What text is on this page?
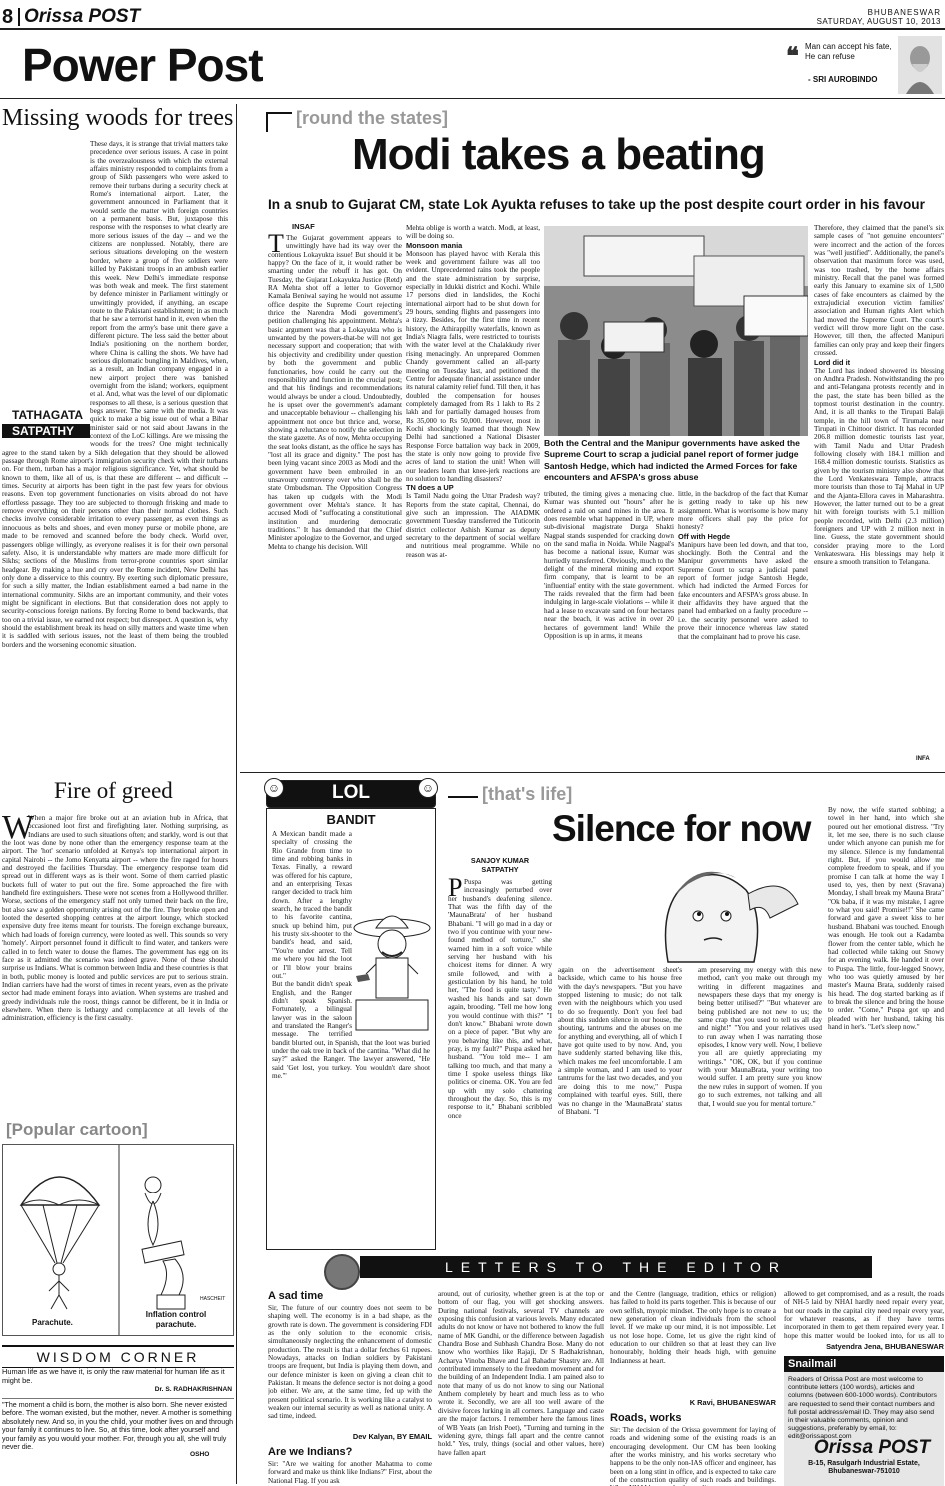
8 Orissa POST	BHUBANESWAR
SATURDAY, AUGUST 10, 2013
Power Post	❝ Man can accept his fate, He can refuse
- SRI AUROBINDO
Missing woods for trees
TATHAGATA
SATPATHY
These days, it is strange that trivial matters take precedence over serious issues. A case in point is the overzealousness with which the external affairs ministry responded to complaints from a group of Sikh passengers who were asked to remove their turbans during a security check at Rome's international airport. Later, the government announced in Parliament that it would settle the matter with foreign countries on a permanent basis. But, juxtapose this response with the responses to what clearly are more serious issues of the day -- and we the citizens are nonplussed. Notably, there are serious situations developing on the western border, where a group of five soldiers were killed by Pakistani troops in an ambush earlier this week. New Delhi's immediate response was both weak and meek. The first statement by defence minister in Parliament wittingly or unwittingly provided, if anything, an escape route to the Pakistani establishment; in as much that he saw a terrorist hand in it, even when the report from the army's base unit there gave a different picture. The less said the better about India's positioning on the northern border, where China is calling the shots. We have had serious diplomatic bungling in Maldives, when, as a result, an Indian company engaged in a new airport project there was banished overnight from the island; workers, equipment et al. And, what was the level of our diplomatic responses to all these, is a serious question that begs answer. The same with the media. It was quick to make a big issue out of what a Bihar minister said or not said about Jawans in the context of the LoC killings. Are we missing the woods for the trees? One might technically agree to the stand taken by a Sikh delegation that they should be allowed passage through Rome airport's immigration security check with their turbans on. For them, turban has a major religious significance. Yet, what should be known to them, like all of us, is that these are different -- and difficult -- times. Security at airports has been tight in the past few years for obvious reasons. Even top government functionaries on visits abroad do not have effortless passage. They too are subjected to thorough frisking and made to remove everything on their persons other than their normal clothes. Such checks involve considerable irritation to every passenger, as even things as innocuous as belts and shoes, and even money purse or mobile phone, are made to be removed and scanned before the body check. World over, passengers oblige willingly, as everyone realises it is for their own personal safety. Also, it is understandable why matters are made more difficult for Sikhs; sections of the Muslims from terror-prone countries sport similar headgear. By making a hue and cry over the Rome incident, New Delhi has only done a disservice to this country. By exerting such diplomatic pressure, for such a silly matter, the Indian establishment earned a bad name in the international community. Sikhs are an important community, and their votes might be significant in elections. But that consideration does not apply to security-conscious foreign nations. By forcing Rome to bend backwards, that too on a trivial issue, we earned not respect; but disrespect. A question is, why should the establishment break its head on silly matters and waste time when it is saddled with serious issues, not the least of them being the troubled borders and the worsening economic situation.
Fire of greed
W
When a major fire broke out at an aviation hub in Africa, that occasioned loot first and firefighting later. Nothing surprising, as Indians are used to such situations often; and starkly, word is out that the loot was done by none other than the emergency response team at the airport. The 'hot' scenario unfolded at Kenya's top international airport in capital Nairobi -- the Jomo Kenyatta airport -- where the fire raged for hours and destroyed the facilities Thursday. The emergency response team did spread out in different ways as is their wont. Some of them carried plastic buckets full of water to put out the fire. Some approached the fire with handheld fire extinguishers. These were not scenes from a Hollywood thriller. Worse, sections of the emergency staff not only turned their back on the fire, but also saw a golden opportunity arising out of the fire. They broke open and looted the deserted shopping centres at the airport lounge, which stocked expensive duty free items meant for tourists. The foreign exchange bureaux, which had loads of foreign currency, were looted as well. This sounds so very 'homely'. Airport personnel found it difficult to find water, and tankers were called in to fetch water to douse the flames. The government has egg on its face as it admitted the scenario was indeed grave. None of these should surprise us Indians. What is common between India and these countries is that in both, public money is looted and public services are put to serious strain. Indian carriers have had the worst of times in recent years, even as the private sector had made eminent forays into aviation. When systems are trashed and greedy individuals rule the roost, things cannot be different, be it in India or elsewhere. When there is lethargy and complacence at all levels of the administration, efficiency is the first casualty.
[Popular cartoon]
Parachute.
Inflation control parachute.
HASCHEIT
WISDOM CORNER
Human life as we have it, is only the raw material for human life as it might be.
Dr. S. RADHAKRISHNAN
"The moment a child is born, the mother is also born. She never existed before. The woman existed, but the mother, never. A mother is something absolutely new. And so, in you the child, your mother lives on and through your family it continues to live. So, at this time, look after yourself and your family as you would your mother. For, through you all, she will truly never die.
OSHO
[round the states]
Modi takes a beating
In a snub to Gujarat CM, state Lok Ayukta refuses to take up the post despite court order in his favour
INSAF
T The Gujarat government appears to unwittingly have had its way over the contentious Lokayukta issue! But should it be happy? On the face of it, it would rather be smarting under the rebuff it has got. On Tuesday, the Gujarat Lokayukta Justice (Retd) RA Mehta shot off a letter to Governor Kamala Beniwal saying he would not assume office despite the Supreme Court rejecting thrice the Narendra Modi government's petition challenging his appointment. Mehta's basic argument was that a Lokayukta who is unwanted by the powers-that-be will not get necessary support and cooperation; that with his objectivity and credibility under question by both the government and public functionaries, how could he carry out the responsibility and function in the crucial post; and that his findings and recommendations would always be under a cloud. Undoubtedly, he is upset over the government's adamant and unacceptable behaviour -- challenging his appointment not once but thrice and, worse, showing a reluctance to notify the selection in the state gazette. As of now, Mehta occupying the seat looks distant, as the office he says has "lost all its grace and dignity." The post has been lying vacant since 2003 as Modi and the government have been embroiled in an unsavoury controversy over who shall be the state Ombudsman. The Opposition Congress has taken up cudgels with the Modi government over Mehta's stance. It has accused Modi of "suffocating a constitutional institution and murdering democratic traditions." It has demanded that the Chief Minister apologize to the Governor, and urged Mehta to change his decision. Will
Mehta oblige is worth a watch. Modi, at least, will be doing so.
Monsoon mania
Monsoon has played havoc with Kerala this week and government failure was all too evident. Unprecedented rains took the people and the state administration by surprise, especially in Idukki district and Kochi. While 17 persons died in landslides, the Kochi international airport had to be shut down for 29 hours, sending flights and passengers into a tizzy. Besides, for the first time in recent history, the Athirappilly waterfalls, known as India's Niagra falls, were restricted to tourists with the water level at the Chalakkudy river rising menacingly. An unprepared Oommen Chandy government called an all-party meeting on Tuesday last, and petitioned the Centre for adequate financial assistance under its natural calamity relief fund. Till then, it has doubled the compensation for houses completely damaged from Rs 1 lakh to Rs 2 lakh and for partially damaged houses from Rs 35,000 to Rs 50,000. However, most in Kochi shockingly learned that though New Delhi had sanctioned a National Disaster Response Force battalion way back in 2009, the state is only now going to provide five acres of land to station the unit! When will our leaders learn that knee-jerk reactions are no solution to handling disasters?
TN does a UP
Is Tamil Nadu going the Uttar Pradesh way? Reports from the state capital, Chennai, do give such an impression. The AIADMK government Tuesday transferred the Tuticorin district collector Ashish Kumar as deputy secretary to the department of social welfare and nutritious meal programme. While no reason was at-
Both the Central and the Manipur governments have asked the Supreme Court to scrap a judicial panel report of former judge Santosh Hedge, which had indicted the Armed Forces for fake encounters and AFSPA's gross abuse
tributed, the timing gives a menacing clue. Kumar was shunted out "hours" after he ordered a raid on sand mines in the area. It does resemble what happened in UP, where sub-divisional magistrate Durga Shakti Nagpal stands suspended for cracking down on the sand mafia in Noida. While Nagpal's has become a national issue, Kumar was hurriedly transferred. Obviously, much to the delight of the mineral mining and export firm company, that is learnt to be an 'influential' entity with the state government. The raids revealed that the firm had been indulging in large-scale violations -- while it had a lease to excavate sand on four hectares near the beach, it was active in over 20 hectares of government land! While the Opposition is up in arms, it means
little, in the backdrop of the fact that Kumar is getting ready to take up his new assignment. What is worrisome is how many more officers shall pay the price for honesty?
Off with Hegde
Manipurs have been led down, and that too, shockingly. Both the Central and the Manipur governments have asked the Supreme Court to scrap a judicial panel report of former judge Santosh Hegde, which had indicted the Armed Forces for fake encounters and AFSPA's gross abuse. In their affidavits they have argued that the panel had embarked on a faulty procedure -- i.e. the security personnel were asked to prove their innocence whereas law stated that the complainant had to prove his case.
Therefore, they claimed that the panel's six sample cases of "not genuine encounters" were incorrect and the action of the forces was "well justified". Additionally, the panel's observation that maximum force was used, was too trashed, by the home affairs ministry. Recall that the panel was formed early this January to examine six of 1,500 cases of fake encounters as claimed by the extrajudicial execution victim families' association and Human rights Alert which had moved the Supreme Court. The court's verdict will throw more light on the case. However, till then, the affected Manipuri families can only pray and keep their fingers crossed.
Lord did it
The Lord has indeed showered its blessing on Andhra Pradesh. Notwithstanding the pro and anti-Telangana protests recently and in the past, the state has been billed as the topmost tourist destination in the country. And, it is all thanks to the Tirupati Balaji temple, in the hill town of Tirumala near Tirupati in Chittoor district. It has recorded 206.8 million domestic tourists last year, with Tamil Nadu and Uttar Pradesh following closely with 184.1 million and 168.4 million domestic tourists. Statistics as given by the tourism ministry also show that the Lord Venkateswara Temple, attracts more tourists than those to Taj Mahal in UP and the Ajanta-Ellora caves in Maharashtra. However, the latter turned out to be a great hit with foreign tourists with 5.1 million people recorded, with Delhi (2.3 million) foreigners and UP with 2 million next in line. Guess, the state government should consider praying more to the Lord Venkateswara. His blessings may help it ensure a smooth transition to Telangana.
INFA
☺	☺
LOL
BANDIT
A Mexican bandit made a specialty of crossing the Rio Grande from time to time and robbing banks in Texas. Finally, a reward was offered for his capture, and an enterprising Texas ranger decided to track him down. After a lengthy search, he traced the bandit to his favorite cantina, snuck up behind him, put his trusty six-shooter to the bandit's head, and said, "You're under arrest. Tell me where you hid the loot or I'll blow your brains out."
But the bandit didn't speak English, and the Ranger didn't speak Spanish. Fortunately, a bilingual lawyer was in the saloon and translated the Ranger's message. The terrified bandit blurted out, in Spanish, that the loot was buried under the oak tree in back of the cantina. "What did he say?" asked the Ranger. The lawyer answered, "He said 'Get lost, you turkey. You wouldn't dare shoot me.'"
[that's life]
Silence for now
SANJOY KUMAR
SATPATHY
P Puspa was getting increasingly perturbed over her husband's deafening silence. That was the fifth day of the 'MaunaBrata' of her husband Bhabani. "I will go mad in a day or two if you continue with your new-found method of torture," she warned him in a soft voice while serving her husband with his choicest items for dinner. A wry smile followed, and with a gesticulation by his hand, he told her, "The food is quite tasty." He washed his hands and sat down again, brooding. "Tell me how long you would continue with this?" "I don't know." Bhabani wrote down on a piece of paper. "But why are you behaving like this, and what, pray, is my fault?" Puspa asked her husband. "You told me-- I am talking too much, and that many a time I spoke useless things like politics or cinema. OK. You are fed up with my solo chattering throughout the day. So, this is my response to it," Bhabani scribbled once
again on the advertisement sheet's backside, which came to his house free with the day's newspapers. "But you have stopped listening to music; do not talk even with the neighbours which you used to do so frequently. Don't you feel bad about this sudden silence in our house, the shouting, tantrums and the abuses on me for anything and everything, all of which I have got quite used to by now. And, you have suddenly started behaving like this, which makes me feel uncomfortable. I am a simple woman, and I am used to your tantrums for the last two decades, and you are doing this to me now," Puspa complained with tearful eyes. Still, there was no change in the 'MaunaBrata' status of Bhabani. "I
am preserving my energy with this new method, can't you make out through my writing in different magazines and newspapers these days that my energy is being better utilised?" "But whatever are being published are not new to us; the same crap that you used to tell us all day and night!" "You and your relatives used to run away when I was narrating those episodes, I know very well. Now, I believe you all are quietly appreciating my writings." "OK, OK, but if you continue with your MaunaBrata, your writing too would suffer. I am pretty sure you know the new rules in support of women. If you go to such extremes, not talking and all that, I would sue you for mental torture."
By now, the wife started sobbing; a towel in her hand, into which she poured out her emotional distress. "Try it, let me see, there is no such clause under which anyone can punish me for my silence. Silence is my fundamental right. But, if you would allow me complete freedom to speak, and if you promise I can talk at home the way I used to, yes, then by next (Sravana) Monday, I shall break my Mauna Brata" "Ok baba, if it was my mistake, I agree to what you said! Promise!!" She came forward and gave a sweet kiss to her husband. Bhabani was touched. Enough was enough. He took out a Kadamba flower from the center table, which he had collected while taking out Snowy for an evening walk. He handed it over to Puspa. The little, four-legged Snowy, who too was quietly amused by her master's Mauna Brata, suddenly raised his head. The dog started barking as if to break the silence and bring the house to order. "Come," Puspa got up and pleaded with her husband, taking his hand in her's. "Let's sleep now."
LETTERS TO THE EDITOR
A sad time
Sir, The future of our country does not seem to be shaping well. The economy is in a bad shape, as the growth rate is down. The government is considering FDI as the only solution to the economic crisis, simultaneously neglecting the enhancement of domestic production. The result is that a dollar fetches 61 rupees. Nowadays, attacks on Indian soldiers by Pakistani troops are frequent, but India is playing them down, and our defence minister is keen on giving a clean chit to Pakistan. It means the defence sector is not doing a good job either. We are, at the same time, fed up with the present political scenario. It is working like a catalyst to weaken our internal security as well as national unity. A sad time, indeed.
Dev Kalyan, BY EMAIL
Are we Indians?
Sir: "Are we waiting for another Mahatma to come forward and make us think like Indians?" First, about the National Flag. If you ask
around, out of curiosity, whether green is at the top or bottom of our flag, you will get shocking answers. During national festivals, several TV channels are exposing this confusion at various levels. Many educated adults do not know or have not bothered to know the full name of MK Gandhi, or the difference between Jagadish Chandra Bose and Subhash Chandra Bose. Many do not know who worthies like Rajaji, Dr S Radhakrishnan, Acharya Vinoba Bhave and Lal Bahadur Shastry are. All contributed immensely to the freedom movement and for the building of an Independent India. I am pained also to note that many of us do not know to sing our National Anthem completely by heart and much less as to who wrote it. Secondly, we are all too well aware of the divisive forces lurking in all corners. Language and caste are the major factors. I remember here the famous lines of WB Yeats (an Irish Poet), "Turning and turning in the widening gyre, things fall apart and the centre cannot hold." Yes, truly, things (social and other values, here) have fallen apart
and the Centre (language, tradition, ethics or religion) has failed to hold its parts together. This is because of our own selfish, myopic mindset. The only hope is to create a new generation of clean individuals from the school level. If we make up our mind, it is not impossible. Let us not lose hope. Come, let us give the right kind of education to our children so that at least they can live honourably, holding their heads high, with genuine Indianness at heart.
K Ravi, BHUBANESWAR
Roads, works
Sir: The decision of the Orissa government for laying of roads and widening some of the existing roads is an encouraging development. Our CM has been looking after the works ministry, and his works secretary who happens to be the only non-IAS officer and engineer, has been on a long stint in office, and is expected to take care of the construction quality of such roads and buildings.
allowed to get compromised, and as a result, the roads of NH-5 laid by NHAI hardly need repair every year, but our roads in the capital city need repair every year, for whatever reasons, as if they have terms incorporated in them to get them repaired every year. I hope this matter would be looked into, for us all to
Satyendra Jena, BHUBANESWAR
Snailmail
Readers of Orissa Post are most welcome to contribute letters (100 words), articles and columns (between 600-1000 words). Contributors are requested to send their contact numbers and full postal address/email ID. They may also send in their valuable comments, opinion and suggestions, preferably by email, to: edit@orissapost.com
Orissa POST
B-15, Rasulgarh Industrial Estate,
Bhubaneswar-751010
